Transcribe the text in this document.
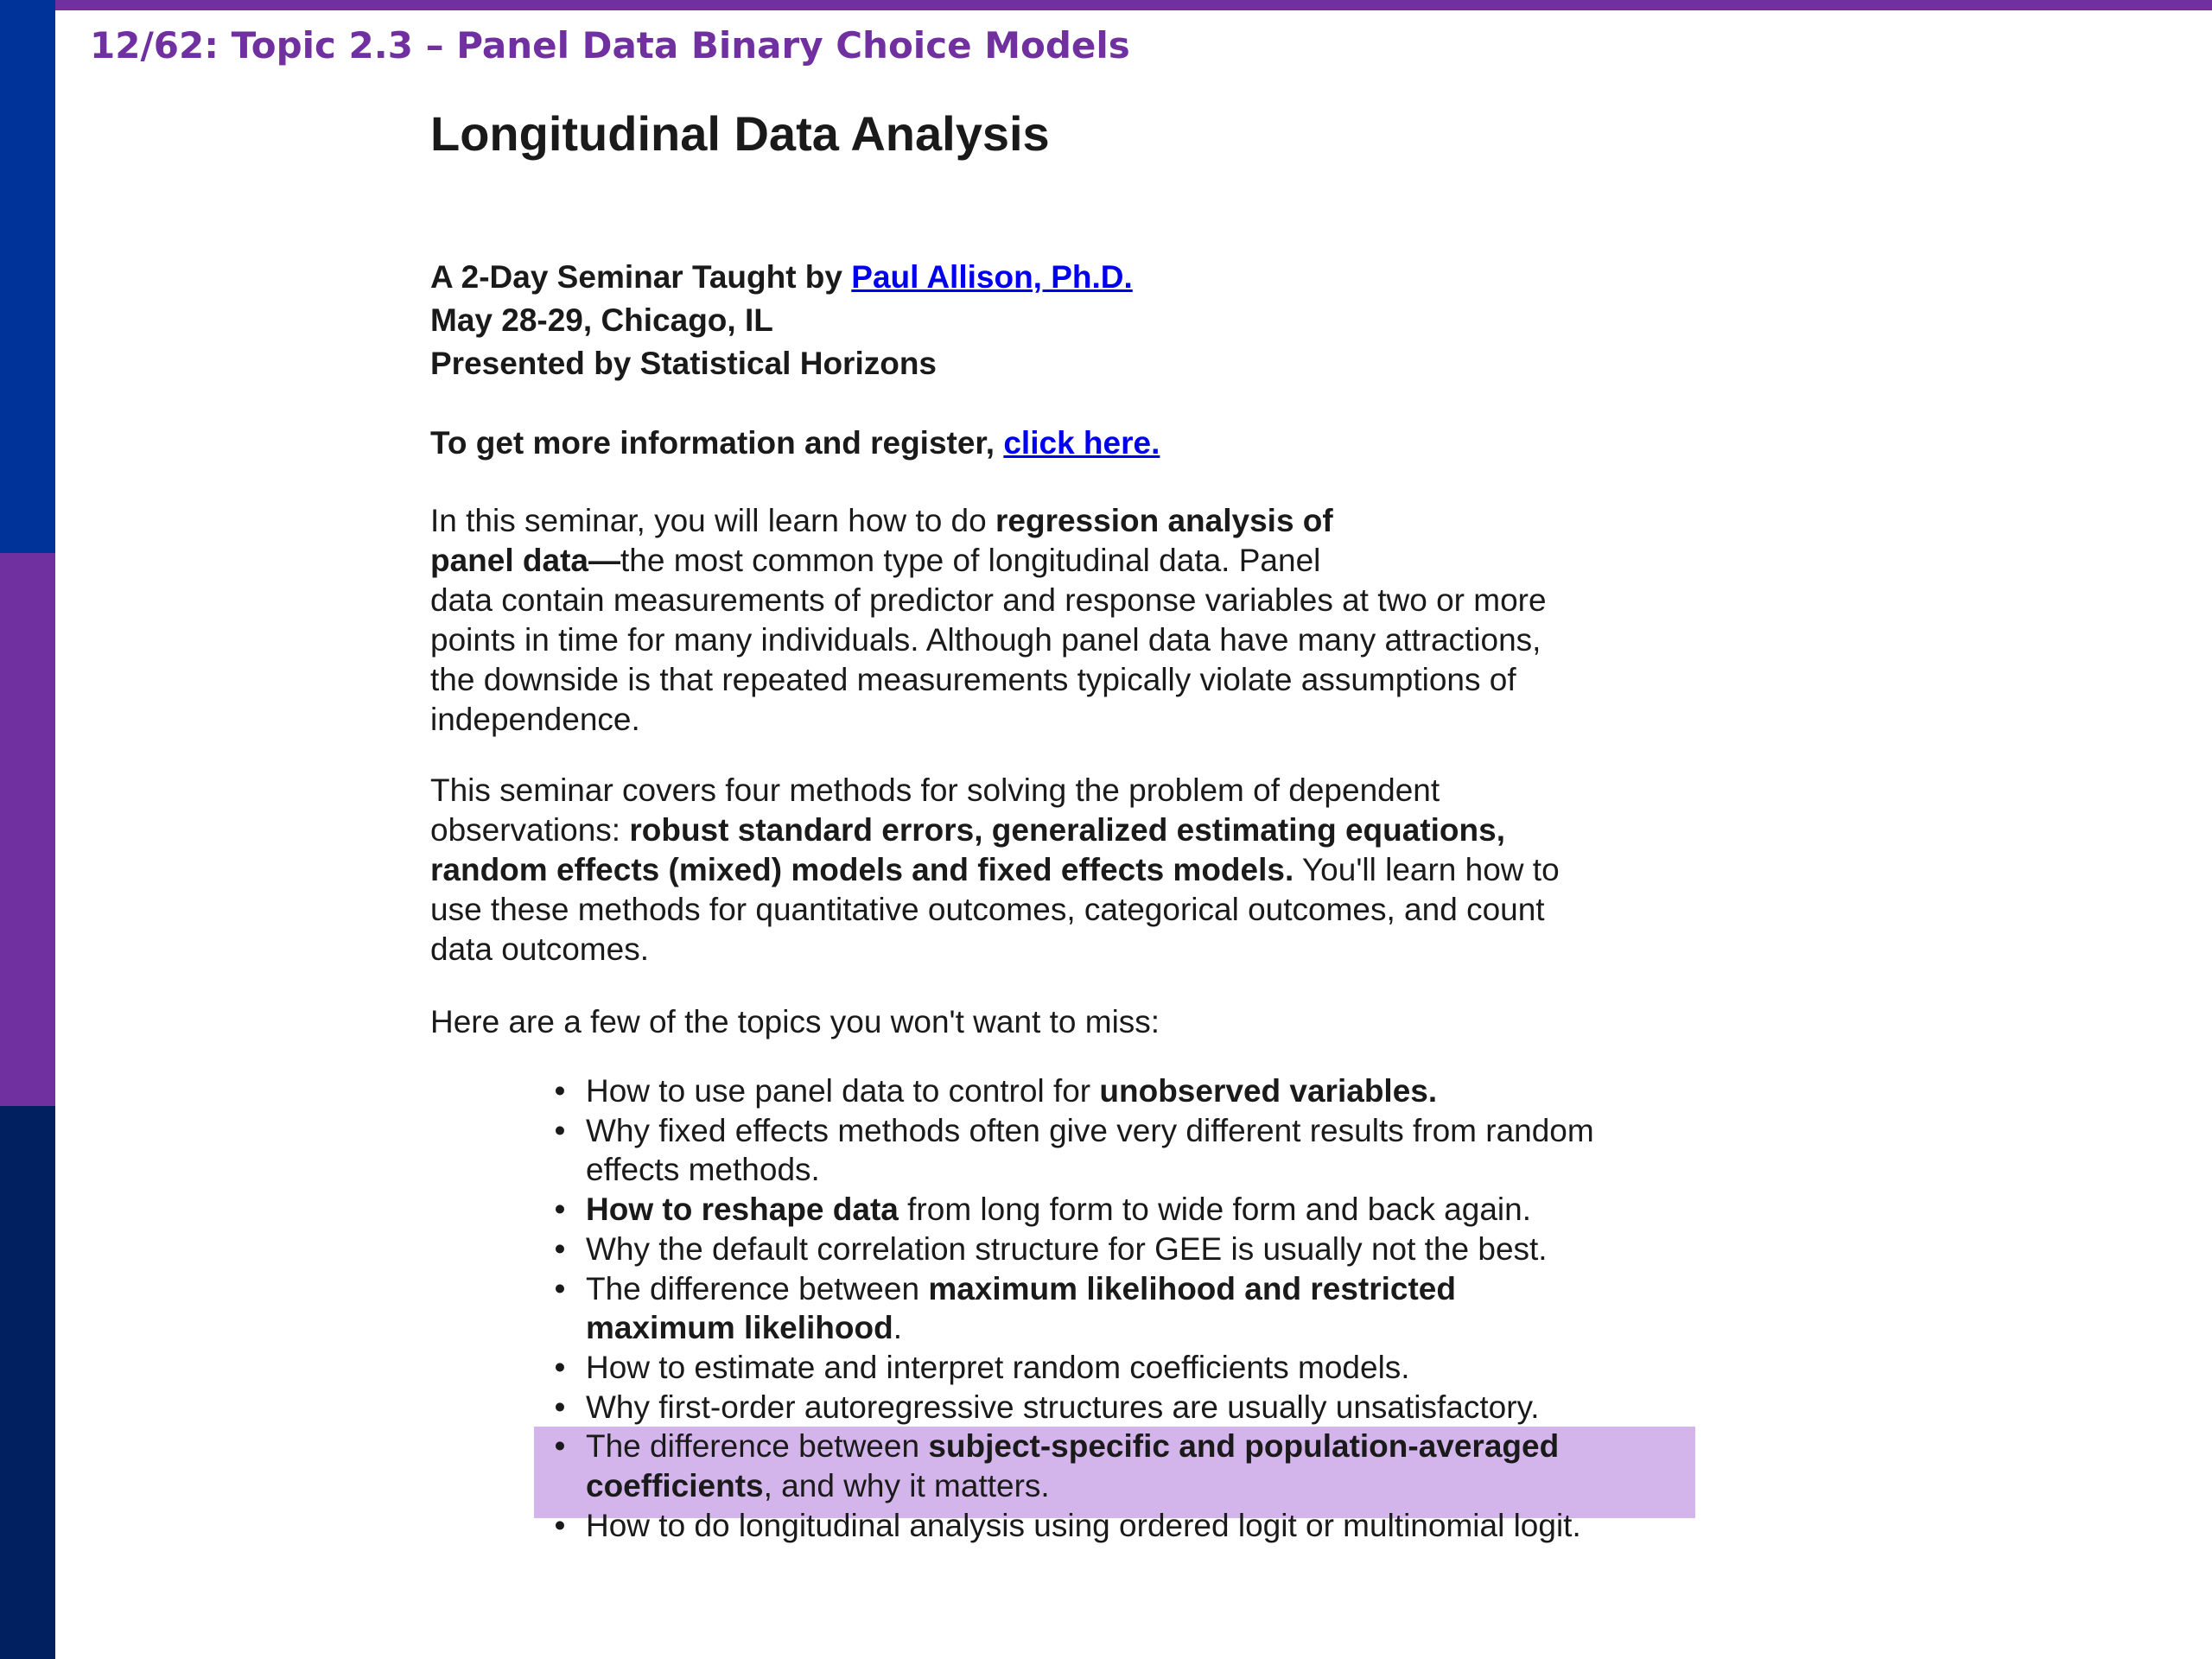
12/62: Topic 2.3 – Panel Data Binary Choice Models
Longitudinal Data Analysis
A 2-Day Seminar Taught by Paul Allison, Ph.D.
May 28-29, Chicago, IL
Presented by Statistical Horizons
To get more information and register, click here.
In this seminar, you will learn how to do regression analysis of
panel data—the most common type of longitudinal data. Panel
data contain measurements of predictor and response variables at two or more
points in time for many individuals. Although panel data have many attractions,
the downside is that repeated measurements typically violate assumptions of
independence.
This seminar covers four methods for solving the problem of dependent
observations: robust standard errors, generalized estimating equations,
random effects (mixed) models and fixed effects models. You'll learn how to
use these methods for quantitative outcomes, categorical outcomes, and count
data outcomes.
Here are a few of the topics you won't want to miss:
• How to use panel data to control for unobserved variables.
• Why fixed effects methods often give very different results from random
effects methods.
• How to reshape data from long form to wide form and back again.
• Why the default correlation structure for GEE is usually not the best.
• The difference between maximum likelihood and restricted
maximum likelihood.
• How to estimate and interpret random coefficients models.
• Why first-order autoregressive structures are usually unsatisfactory.
• The difference between subject-specific and population-averaged
coefficients, and why it matters.
• How to do longitudinal analysis using ordered logit or multinomial logit.
